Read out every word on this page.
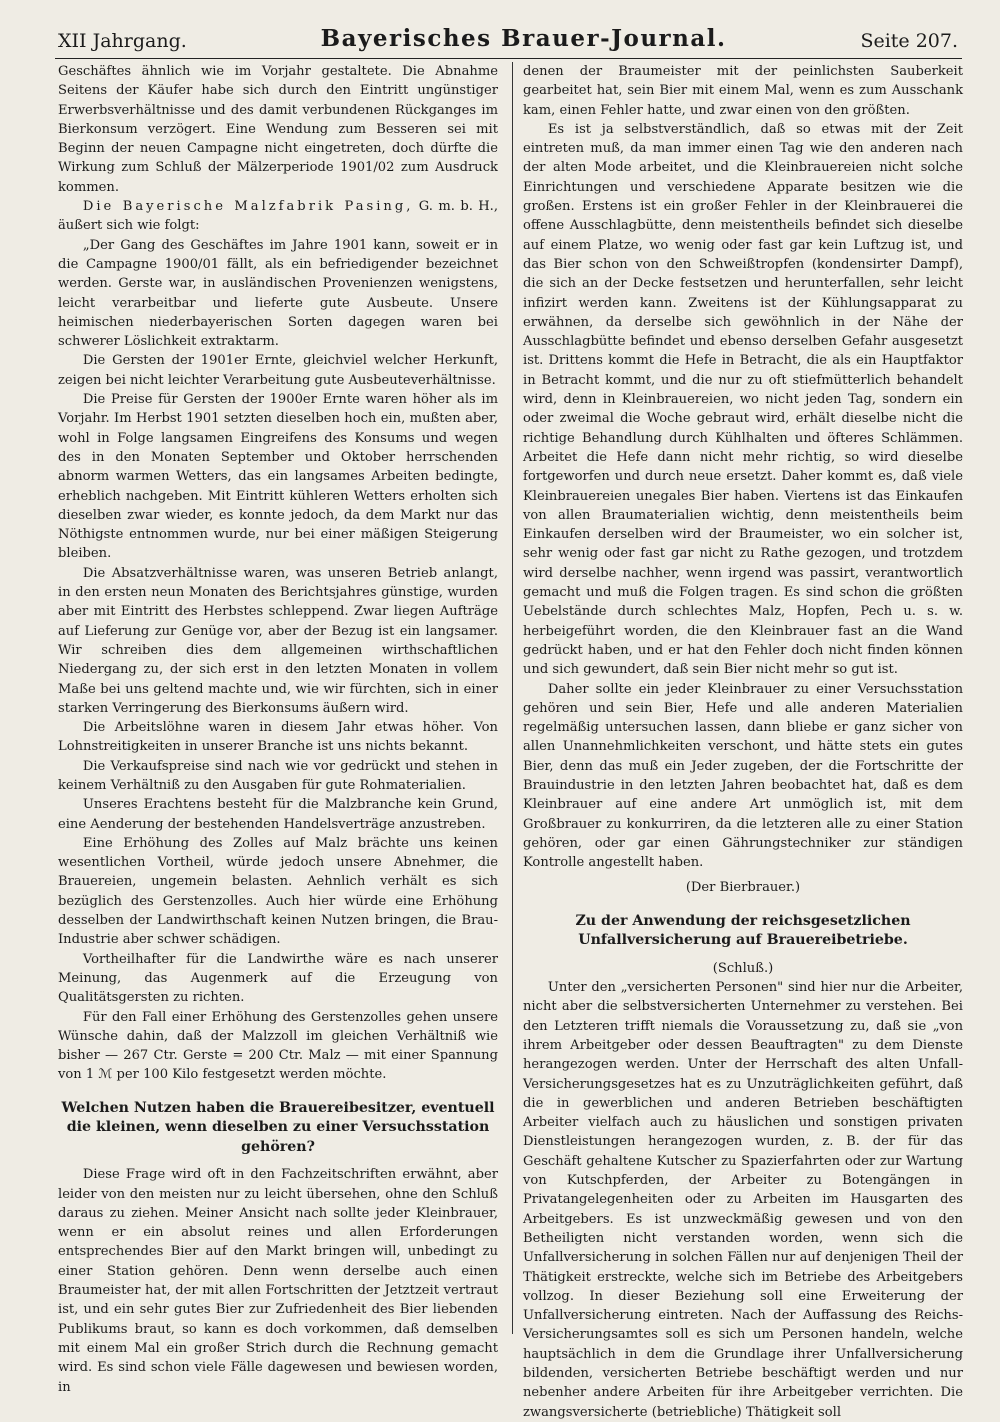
XII Jahrgang.	Bayerisches Brauer-Journal.	Seite 207.

Geschäftes ähnlich wie im Vorjahr gestaltete. Die Abnahme Seitens der Käufer habe sich durch den Eintritt ungünstiger Erwerbsverhältnisse und des damit verbundenen Rückganges im Bierkonsum verzögert. Eine Wendung zum Besseren sei mit Beginn der neuen Campagne nicht eingetreten, doch dürfte die Wirkung zum Schluß der Mälzerperiode 1901/02 zum Ausdruck kommen.

Die Bayerische Malzfabrik Pasing, G. m. b. H., äußert sich wie folgt:

„Der Gang des Geschäftes im Jahre 1901 kann, soweit er in die Campagne 1900/01 fällt, als ein befriedigender bezeichnet werden. Gerste war, in ausländischen Provenienzen wenigstens, leicht verarbeitbar und lieferte gute Ausbeute. Unsere heimischen niederbayerischen Sorten dagegen waren bei schwerer Löslichkeit extraktarm.

Die Gersten der 1901er Ernte, gleichviel welcher Herkunft, zeigen bei nicht leichter Verarbeitung gute Ausbeuteverhältnisse.

Die Preise für Gersten der 1900er Ernte waren höher als im Vorjahr. Im Herbst 1901 setzten dieselben hoch ein, mußten aber, wohl in Folge langsamen Eingreifens des Konsums und wegen des in den Monaten September und Oktober herrschenden abnorm warmen Wetters, das ein langsames Arbeiten bedingte, erheblich nachgeben. Mit Eintritt kühleren Wetters erholten sich dieselben zwar wieder, es konnte jedoch, da dem Markt nur das Nöthigste entnommen wurde, nur bei einer mäßigen Steigerung bleiben.

Die Absatzverhältnisse waren, was unseren Betrieb anlangt, in den ersten neun Monaten des Berichtsjahres günstige, wurden aber mit Eintritt des Herbstes schleppend. Zwar liegen Aufträge auf Lieferung zur Genüge vor, aber der Bezug ist ein langsamer. Wir schreiben dies dem allgemeinen wirthschaftlichen Niedergang zu, der sich erst in den letzten Monaten in vollem Maße bei uns geltend machte und, wie wir fürchten, sich in einer starken Verringerung des Bierkonsums äußern wird.

Die Arbeitslöhne waren in diesem Jahr etwas höher. Von Lohnstreitigkeiten in unserer Branche ist uns nichts bekannt.

Die Verkaufspreise sind nach wie vor gedrückt und stehen in keinem Verhältniß zu den Ausgaben für gute Rohmaterialien.

Unseres Erachtens besteht für die Malzbranche kein Grund, eine Aenderung der bestehenden Handelsverträge anzustreben.

Eine Erhöhung des Zolles auf Malz brächte uns keinen wesentlichen Vortheil, würde jedoch unsere Abnehmer, die Brauereien, ungemein belasten. Aehnlich verhält es sich bezüglich des Gerstenzolles. Auch hier würde eine Erhöhung desselben der Landwirthschaft keinen Nutzen bringen, die Brau-Industrie aber schwer schädigen.

Vortheilhafter für die Landwirthe wäre es nach unserer Meinung, das Augenmerk auf die Erzeugung von Qualitätsgersten zu richten.

Für den Fall einer Erhöhung des Gerstenzolles gehen unsere Wünsche dahin, daß der Malzzoll im gleichen Verhältniß wie bisher — 267 Ctr. Gerste = 200 Ctr. Malz — mit einer Spannung von 1 ℳ per 100 Kilo festgesetzt werden möchte.

Welchen Nutzen haben die Brauereibesitzer, eventuell die kleinen, wenn dieselben zu einer Versuchsstation gehören?

Diese Frage wird oft in den Fachzeitschriften erwähnt, aber leider von den meisten nur zu leicht übersehen, ohne den Schluß daraus zu ziehen. Meiner Ansicht nach sollte jeder Kleinbrauer, wenn er ein absolut reines und allen Erforderungen entsprechendes Bier auf den Markt bringen will, unbedingt zu einer Station gehören. Denn wenn derselbe auch einen Braumeister hat, der mit allen Fortschritten der Jetztzeit vertraut ist, und ein sehr gutes Bier zur Zufriedenheit des Bier liebenden Publikums braut, so kann es doch vorkommen, daß demselben mit einem Mal ein großer Strich durch die Rechnung gemacht wird. Es sind schon viele Fälle dagewesen und bewiesen worden, in

denen der Braumeister mit der peinlichsten Sauberkeit gearbeitet hat, sein Bier mit einem Mal, wenn es zum Ausschank kam, einen Fehler hatte, und zwar einen von den größten.

Es ist ja selbstverständlich, daß so etwas mit der Zeit eintreten muß, da man immer einen Tag wie den anderen nach der alten Mode arbeitet, und die Kleinbrauereien nicht solche Einrichtungen und verschiedene Apparate besitzen wie die großen. Erstens ist ein großer Fehler in der Kleinbrauerei die offene Ausschlagbütte, denn meistentheils befindet sich dieselbe auf einem Platze, wo wenig oder fast gar kein Luftzug ist, und das Bier schon von den Schweißtropfen (kondensirter Dampf), die sich an der Decke festsetzen und herunterfallen, sehr leicht infizirt werden kann. Zweitens ist der Kühlungsapparat zu erwähnen, da derselbe sich gewöhnlich in der Nähe der Ausschlagbütte befindet und ebenso derselben Gefahr ausgesetzt ist. Drittens kommt die Hefe in Betracht, die als ein Hauptfaktor in Betracht kommt, und die nur zu oft stiefmütterlich behandelt wird, denn in Kleinbrauereien, wo nicht jeden Tag, sondern ein oder zweimal die Woche gebraut wird, erhält dieselbe nicht die richtige Behandlung durch Kühlhalten und öfteres Schlämmen. Arbeitet die Hefe dann nicht mehr richtig, so wird dieselbe fortgeworfen und durch neue ersetzt. Daher kommt es, daß viele Kleinbrauereien unegales Bier haben. Viertens ist das Einkaufen von allen Braumaterialien wichtig, denn meistentheils beim Einkaufen derselben wird der Braumeister, wo ein solcher ist, sehr wenig oder fast gar nicht zu Rathe gezogen, und trotzdem wird derselbe nachher, wenn irgend was passirt, verantwortlich gemacht und muß die Folgen tragen. Es sind schon die größten Uebelstände durch schlechtes Malz, Hopfen, Pech u. s. w. herbeigeführt worden, die den Kleinbrauer fast an die Wand gedrückt haben, und er hat den Fehler doch nicht finden können und sich gewundert, daß sein Bier nicht mehr so gut ist.

Daher sollte ein jeder Kleinbrauer zu einer Versuchsstation gehören und sein Bier, Hefe und alle anderen Materialien regelmäßig untersuchen lassen, dann bliebe er ganz sicher von allen Unannehmlichkeiten verschont, und hätte stets ein gutes Bier, denn das muß ein Jeder zugeben, der die Fortschritte der Brauindustrie in den letzten Jahren beobachtet hat, daß es dem Kleinbrauer auf eine andere Art unmöglich ist, mit dem Großbrauer zu konkurriren, da die letzteren alle zu einer Station gehören, oder gar einen Gährungstechniker zur ständigen Kontrolle angestellt haben.

(Der Bierbrauer.)

Zu der Anwendung der reichsgesetzlichen Unfallversicherung auf Brauereibetriebe.

(Schluß.)

Unter den „versicherten Personen" sind hier nur die Arbeiter, nicht aber die selbstversicherten Unternehmer zu verstehen. Bei den Letzteren trifft niemals die Voraussetzung zu, daß sie „von ihrem Arbeitgeber oder dessen Beauftragten" zu dem Dienste herangezogen werden. Unter der Herrschaft des alten Unfall-Versicherungsgesetzes hat es zu Unzuträglichkeiten geführt, daß die in gewerblichen und anderen Betrieben beschäftigten Arbeiter vielfach auch zu häuslichen und sonstigen privaten Dienstleistungen herangezogen wurden, z. B. der für das Geschäft gehaltene Kutscher zu Spazierfahrten oder zur Wartung von Kutschpferden, der Arbeiter zu Botengängen in Privatangelegenheiten oder zu Arbeiten im Hausgarten des Arbeitgebers. Es ist unzweckmäßig gewesen und von den Betheiligten nicht verstanden worden, wenn sich die Unfallversicherung in solchen Fällen nur auf denjenigen Theil der Thätigkeit erstreckte, welche sich im Betriebe des Arbeitgebers vollzog. In dieser Beziehung soll eine Erweiterung der Unfallversicherung eintreten. Nach der Auffassung des Reichs-Versicherungsamtes soll es sich um Personen handeln, welche hauptsächlich in dem die Grundlage ihrer Unfallversicherung bildenden, versicherten Betriebe beschäftigt werden und nur nebenher andere Arbeiten für ihre Arbeitgeber verrichten. Die zwangsversicherte (betriebliche) Thätigkeit soll
